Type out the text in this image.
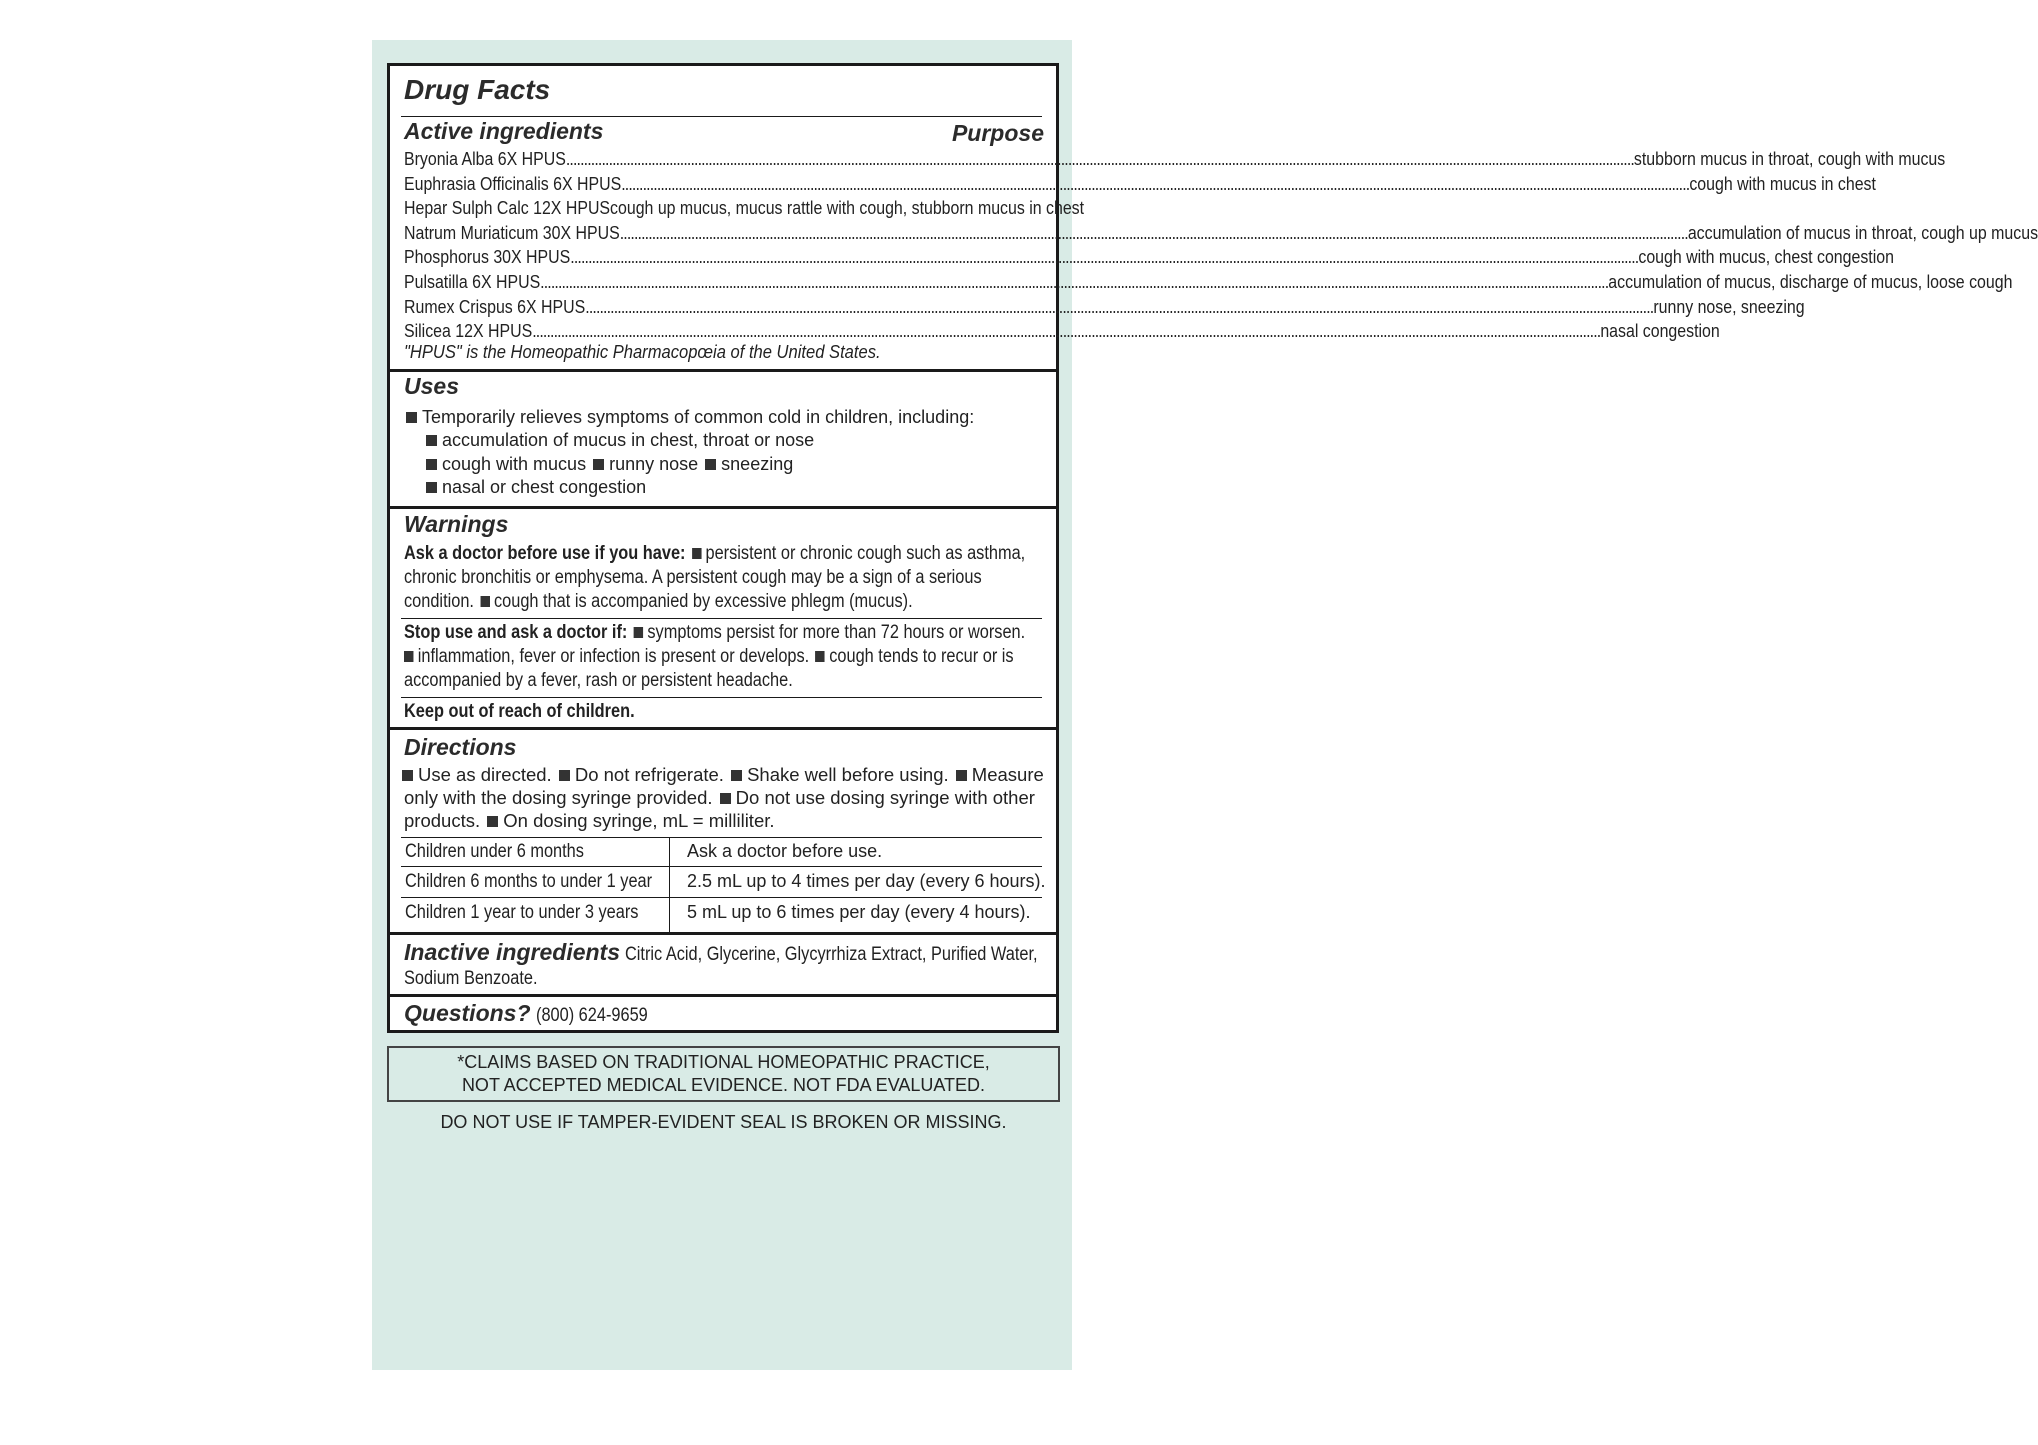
Drug Facts
Active ingredients	Purpose
Bryonia Alba 6X HPUS ............................................................................................................................................................................................................................................................................................................ stubborn mucus in throat, cough with mucus
Euphrasia Officinalis 6X HPUS ............................................................................................................................................................................................................................................................................................................ cough with mucus in chest
Hepar Sulph Calc 12X HPUS cough up mucus, mucus rattle with cough, stubborn mucus in chest
Natrum Muriaticum 30X HPUS ............................................................................................................................................................................................................................................................................................................ accumulation of mucus in throat, cough up mucus
Phosphorus 30X HPUS ............................................................................................................................................................................................................................................................................................................ cough with mucus, chest congestion
Pulsatilla 6X HPUS ............................................................................................................................................................................................................................................................................................................ accumulation of mucus, discharge of mucus, loose cough
Rumex Crispus 6X HPUS ............................................................................................................................................................................................................................................................................................................ runny nose, sneezing
Silicea 12X HPUS ............................................................................................................................................................................................................................................................................................................ nasal congestion
"HPUS" is the Homeopathic Pharmacopœia of the United States.
Uses
Temporarily relieves symptoms of common cold in children, including:
accumulation of mucus in chest, throat or nose
cough with mucus runny nose sneezing
nasal or chest congestion
Warnings
Ask a doctor before use if you have: persistent or chronic cough such as asthma,
chronic bronchitis or emphysema. A persistent cough may be a sign of a serious
condition. cough that is accompanied by excessive phlegm (mucus).
Stop use and ask a doctor if: symptoms persist for more than 72 hours or worsen.
inflammation, fever or infection is present or develops. cough tends to recur or is
accompanied by a fever, rash or persistent headache.
Keep out of reach of children.
Directions
Use as directed. Do not refrigerate. Shake well before using. Measure
only with the dosing syringe provided. Do not use dosing syringe with other
products. On dosing syringe, mL = milliliter.
Children under 6 months	Ask a doctor before use.
Children 6 months to under 1 year 2.5 mL up to 4 times per day (every 6 hours).
Children 1 year to under 3 years	5 mL up to 6 times per day (every 4 hours).
Inactive ingredients Citric Acid, Glycerine, Glycyrrhiza Extract, Purified Water,
Sodium Benzoate.
Questions? (800) 624-9659
*CLAIMS BASED ON TRADITIONAL HOMEOPATHIC PRACTICE,
NOT ACCEPTED MEDICAL EVIDENCE. NOT FDA EVALUATED.
DO NOT USE IF TAMPER-EVIDENT SEAL IS BROKEN OR MISSING.
